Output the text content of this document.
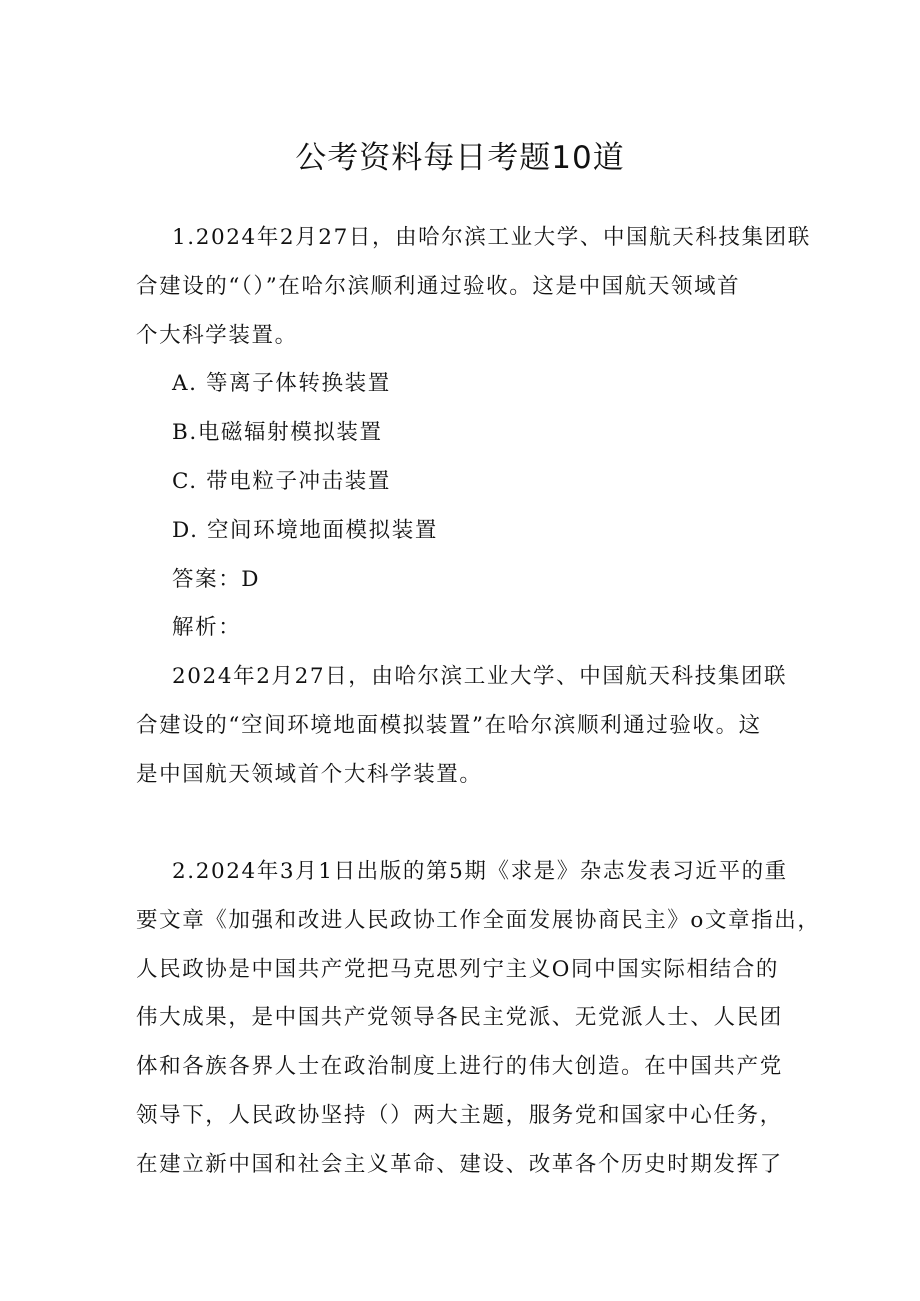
公考资料每日考题10道
1.2024年2月27日，由哈尔滨工业大学、中国航天科技集团联
合建设的“（）”在哈尔滨顺利通过验收。这是中国航天领域首
个大科学装置。
A. 等离子体转换装置
B.电磁辐射模拟装置
C. 带电粒子冲击装置
D. 空间环境地面模拟装置
答案：D
解析：
2024年2月27日，由哈尔滨工业大学、中国航天科技集团联
合建设的“空间环境地面模拟装置”在哈尔滨顺利通过验收。这
是中国航天领域首个大科学装置。
2.2024年3月1日出版的第5期《求是》杂志发表习近平的重
要文章《加强和改进人民政协工作全面发展协商民主》o文章指出，
人民政协是中国共产党把马克思列宁主义O同中国实际相结合的
伟大成果，是中国共产党领导各民主党派、无党派人士、人民团
体和各族各界人士在政治制度上进行的伟大创造。在中国共产党
领导下，人民政协坚持（）两大主题，服务党和国家中心任务，
在建立新中国和社会主义革命、建设、改革各个历史时期发挥了
